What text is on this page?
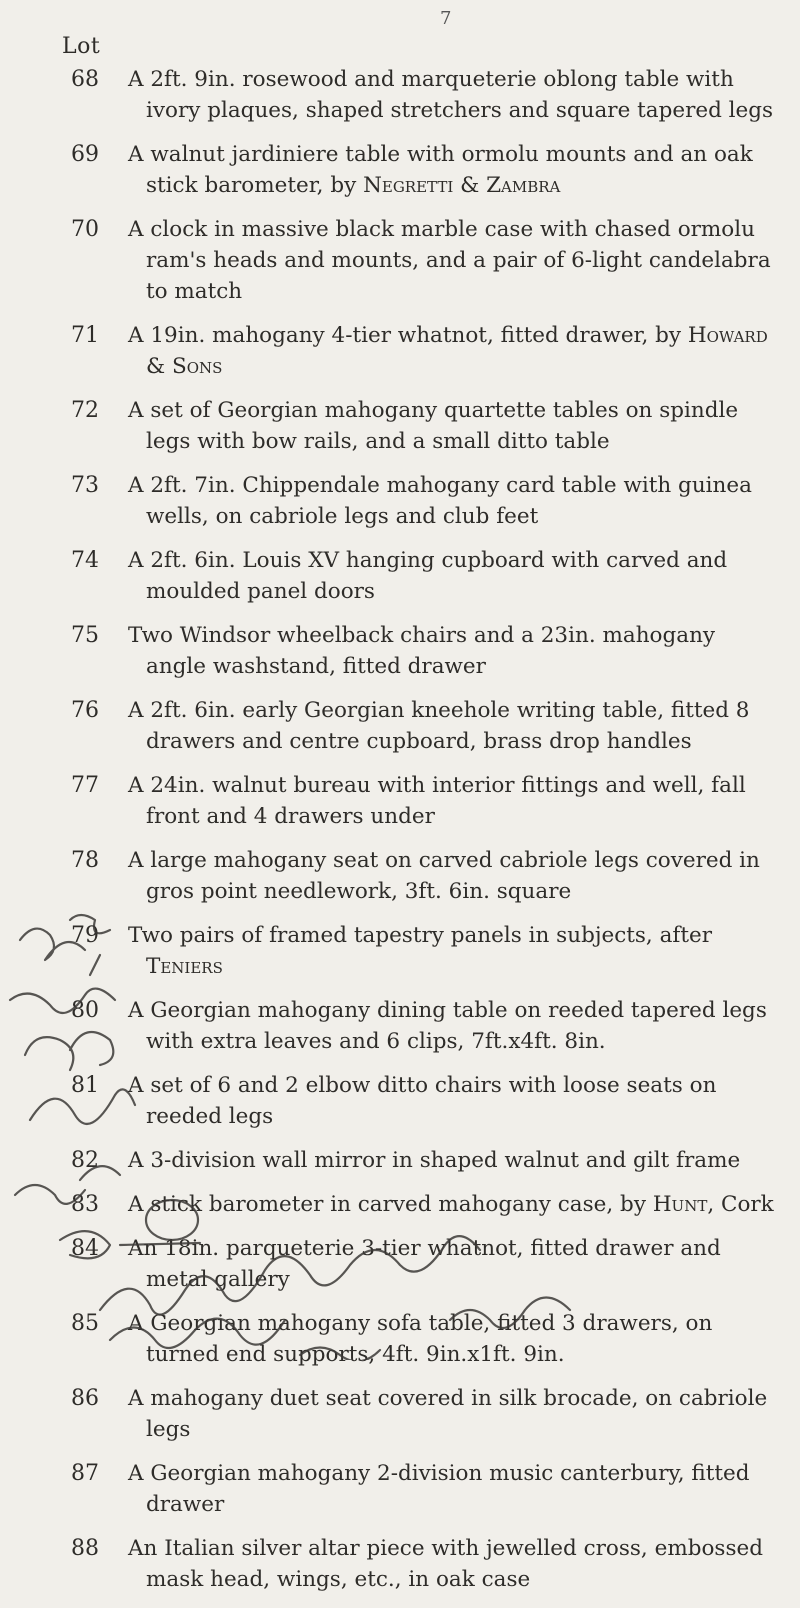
7
Lot
68 A 2ft. 9in. rosewood and marqueterie oblong table with ivory plaques, shaped stretchers and square tapered legs
69 A walnut jardiniere table with ormolu mounts and an oak stick barometer, by Negretti & Zambra
70 A clock in massive black marble case with chased ormolu ram's heads and mounts, and a pair of 6-light candelabra to match
71 A 19in. mahogany 4-tier whatnot, fitted drawer, by Howard & Sons
72 A set of Georgian mahogany quartette tables on spindle legs with bow rails, and a small ditto table
73 A 2ft. 7in. Chippendale mahogany card table with guinea wells, on cabriole legs and club feet
74 A 2ft. 6in. Louis XV hanging cupboard with carved and moulded panel doors
75 Two Windsor wheelback chairs and a 23in. mahogany angle washstand, fitted drawer
76 A 2ft. 6in. early Georgian kneehole writing table, fitted 8 drawers and centre cupboard, brass drop handles
77 A 24in. walnut bureau with interior fittings and well, fall front and 4 drawers under
78 A large mahogany seat on carved cabriole legs covered in gros point needlework, 3ft. 6in. square
79 Two pairs of framed tapestry panels in subjects, after Teniers
80 A Georgian mahogany dining table on reeded tapered legs with extra leaves and 6 clips, 7ft.x4ft. 8in.
81 A set of 6 and 2 elbow ditto chairs with loose seats on reeded legs
82 A 3-division wall mirror in shaped walnut and gilt frame
83 A stick barometer in carved mahogany case, by Hunt, Cork
84 An 18in. parqueterie 3-tier whatnot, fitted drawer and metal gallery
85 A Georgian mahogany sofa table, fitted 3 drawers, on turned end supports, 4ft. 9in.x1ft. 9in.
86 A mahogany duet seat covered in silk brocade, on cabriole legs
87 A Georgian mahogany 2-division music canterbury, fitted drawer
88 An Italian silver altar piece with jewelled cross, embossed mask head, wings, etc., in oak case
